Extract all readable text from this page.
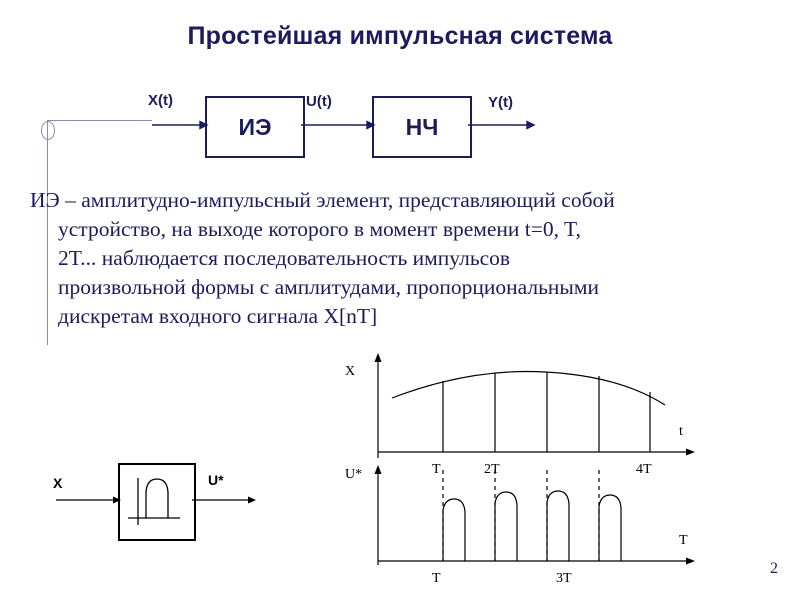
Простейшая импульсная система
X(t)	U(t)	Y(t)
ИЭ	НЧ
ИЭ – амплитудно-импульсный элемент, представляющий собой
устройство, на выходе которого в момент времени t=0, T,
2T... наблюдается последовательность импульсов
произвольной формы с амплитудами, пропорциональными
дискретам входного сигнала X[nT]
X	U*
X
t
T	2T	4T
U*
T
T	3T
2
